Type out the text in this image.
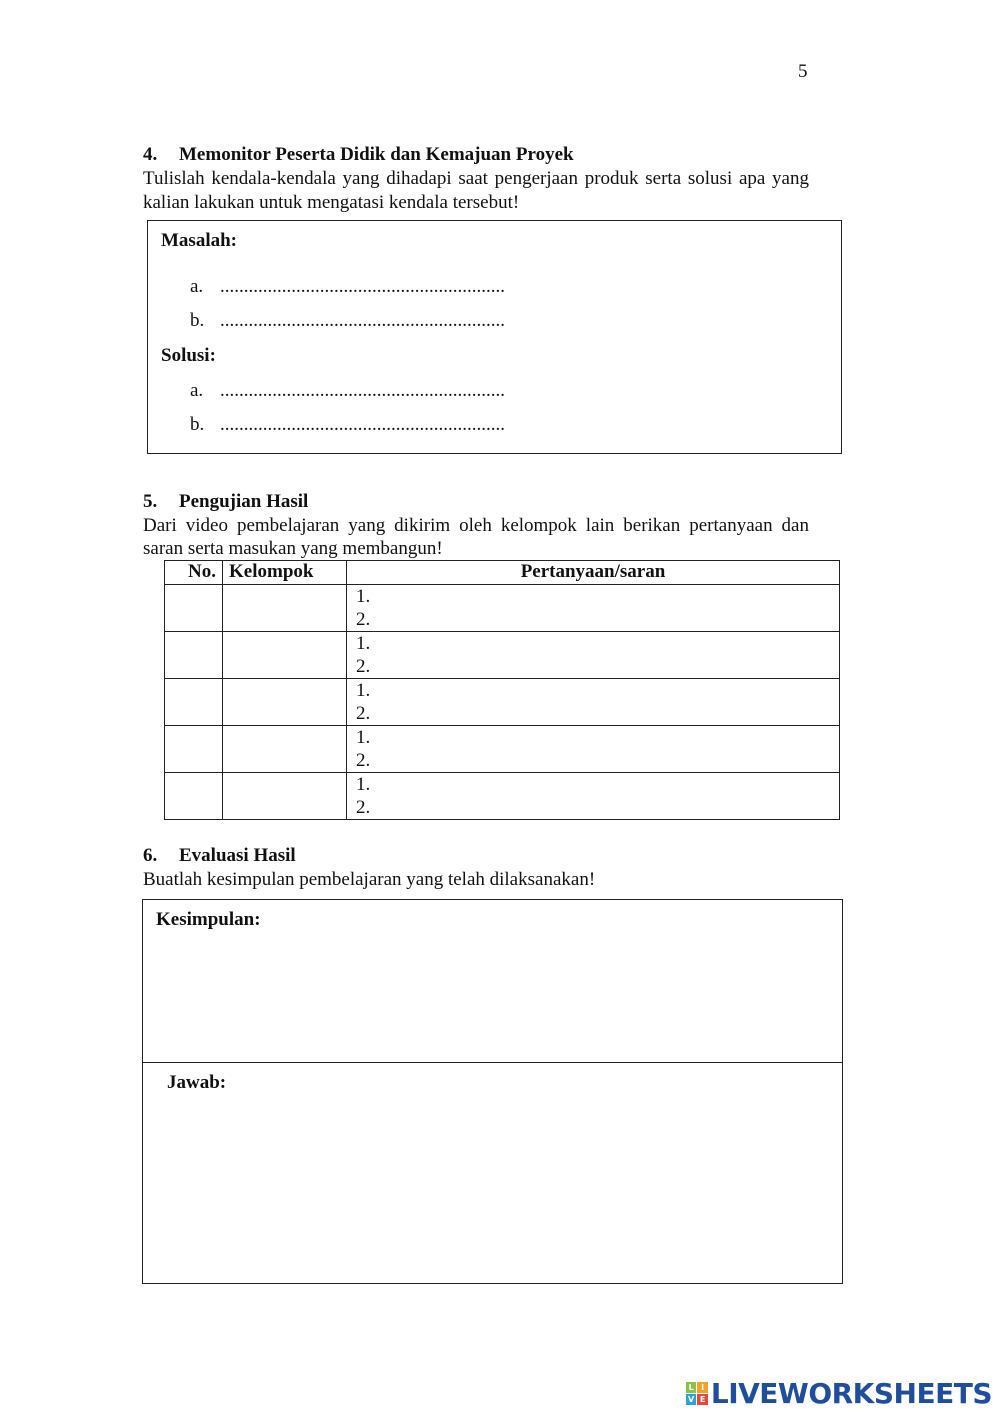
5
4. Memonitor Peserta Didik dan Kemajuan Proyek
Tulislah kendala-kendala yang dihadapi saat pengerjaan produk serta solusi apa yang kalian lakukan untuk mengatasi kendala tersebut!
Masalah:
a. ............................................................
b. ............................................................
Solusi:
a. ............................................................
b. ............................................................
5. Pengujian Hasil
Dari video pembelajaran yang dikirim oleh kelompok lain berikan pertanyaan dan saran serta masukan yang membangun!
No.	Kelompok	Pertanyaan/saran

		1.
2.

		1.
2.

		1.
2.

		1.
2.

		1.
2.
6. Evaluasi Hasil
Buatlah kesimpulan pembelajaran yang telah dilaksanakan!
Kesimpulan:
Jawab:
L I
V E LIVEWORKSHEETS
